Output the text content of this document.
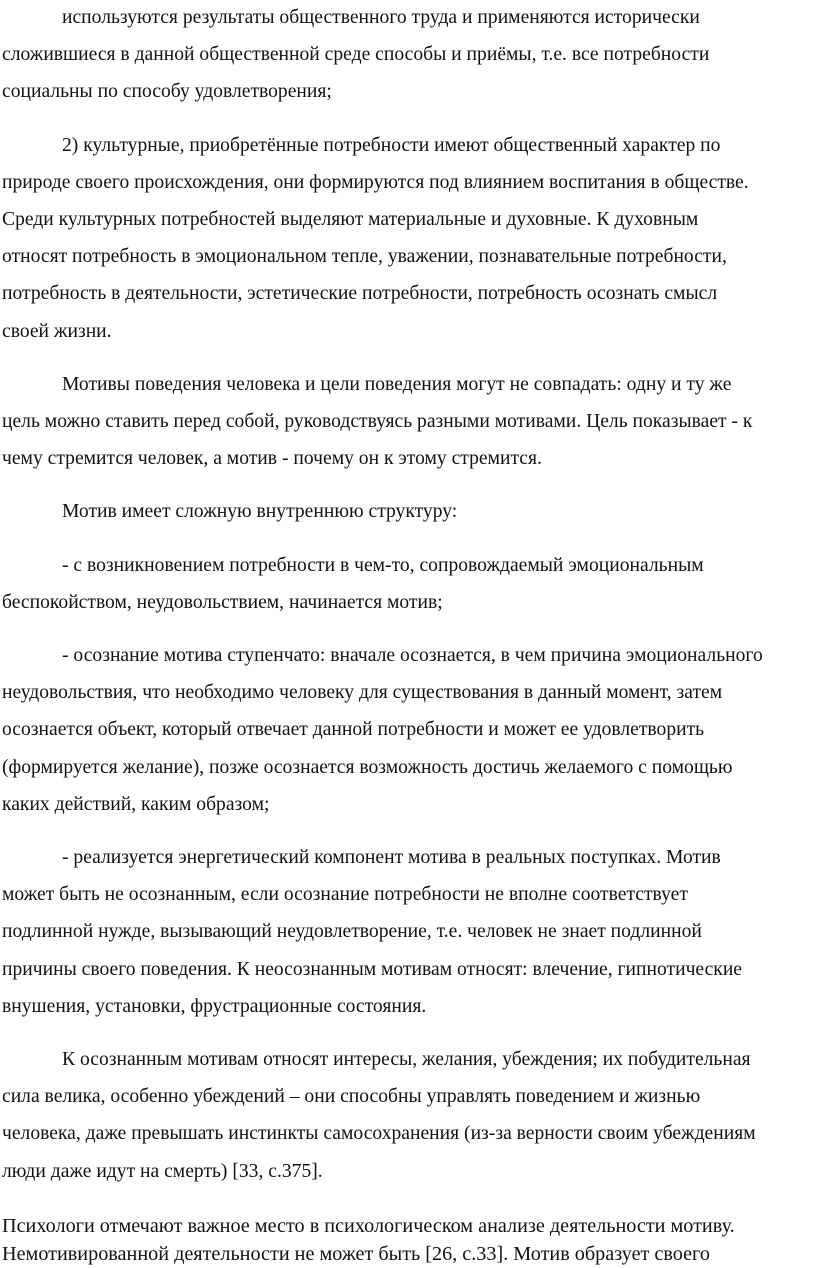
используются результаты общественного труда и применяются исторически
сложившиеся в данной общественной среде способы и приёмы, т.е. все потребности
социальны по способу удовлетворения;

2) культурные, приобретённые потребности имеют общественный характер по
природе своего происхождения, они формируются под влиянием воспитания в обществе.
Среди культурных потребностей выделяют материальные и духовные. К духовным
относят потребность в эмоциональном тепле, уважении, познавательные потребности,
потребность в деятельности, эстетические потребности, потребность осознать смысл
своей жизни.

Мотивы поведения человека и цели поведения могут не совпадать: одну и ту же
цель можно ставить перед собой, руководствуясь разными мотивами. Цель показывает - к
чему стремится человек, а мотив - почему он к этому стремится.

Мотив имеет сложную внутреннюю структуру:

- с возникновением потребности в чем-то, сопровождаемый эмоциональным
беспокойством, неудовольствием, начинается мотив;

- осознание мотива ступенчато: вначале осознается, в чем причина эмоционального
неудовольствия, что необходимо человеку для существования в данный момент, затем
осознается объект, который отвечает данной потребности и может ее удовлетворить
(формируется желание), позже осознается возможность достичь желаемого с помощью
каких действий, каким образом;

- реализуется энергетический компонент мотива в реальных поступках. Мотив
может быть не осознанным, если осознание потребности не вполне соответствует
подлинной нужде, вызывающий неудовлетворение, т.е. человек не знает подлинной
причины своего поведения. К неосознанным мотивам относят: влечение, гипнотические
внушения, установки, фрустрационные состояния.

К осознанным мотивам относят интересы, желания, убеждения; их побудительная
сила велика, особенно убеждений – они способны управлять поведением и жизнью
человека, даже превышать инстинкты самосохранения (из-за верности своим убеждениям
люди даже идут на смерть) [33, с.375].

Психологи отмечают важное место в психологическом анализе деятельности мотиву.
Немотивированной деятельности не может быть [26, с.33]. Мотив образует своего
